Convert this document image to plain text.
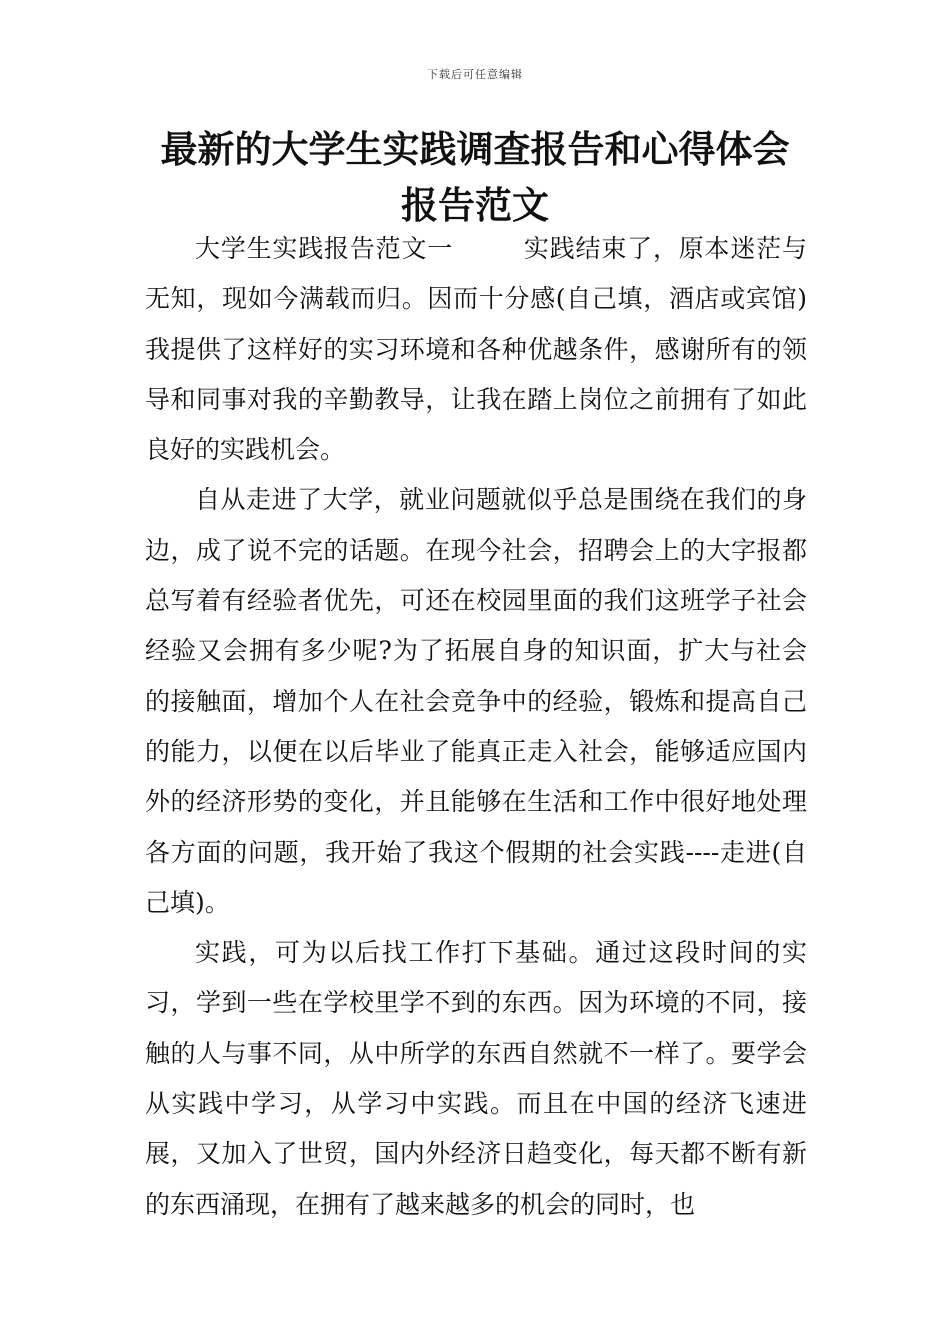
下载后可任意编辑
最新的大学生实践调查报告和心得体会报告范文

大学生实践报告范文一	实践结束了，原本迷茫与无知，现如今满载而归。因而十分感(自己填，酒店或宾馆)我提供了这样好的实习环境和各种优越条件，感谢所有的领导和同事对我的辛勤教导，让我在踏上岗位之前拥有了如此良好的实践机会。

自从走进了大学，就业问题就似乎总是围绕在我们的身边，成了说不完的话题。在现今社会，招聘会上的大字报都总写着有经验者优先，可还在校园里面的我们这班学子社会经验又会拥有多少呢?为了拓展自身的知识面，扩大与社会的接触面，增加个人在社会竞争中的经验，锻炼和提高自己的能力，以便在以后毕业了能真正走入社会，能够适应国内外的经济形势的变化，并且能够在生活和工作中很好地处理各方面的问题，我开始了我这个假期的社会实践----走进(自己填)。

实践，可为以后找工作打下基础。通过这段时间的实习，学到一些在学校里学不到的东西。因为环境的不同，接触的人与事不同，从中所学的东西自然就不一样了。要学会从实践中学习，从学习中实践。而且在中国的经济飞速进展，又加入了世贸，国内外经济日趋变化，每天都不断有新的东西涌现，在拥有了越来越多的机会的同时，也
